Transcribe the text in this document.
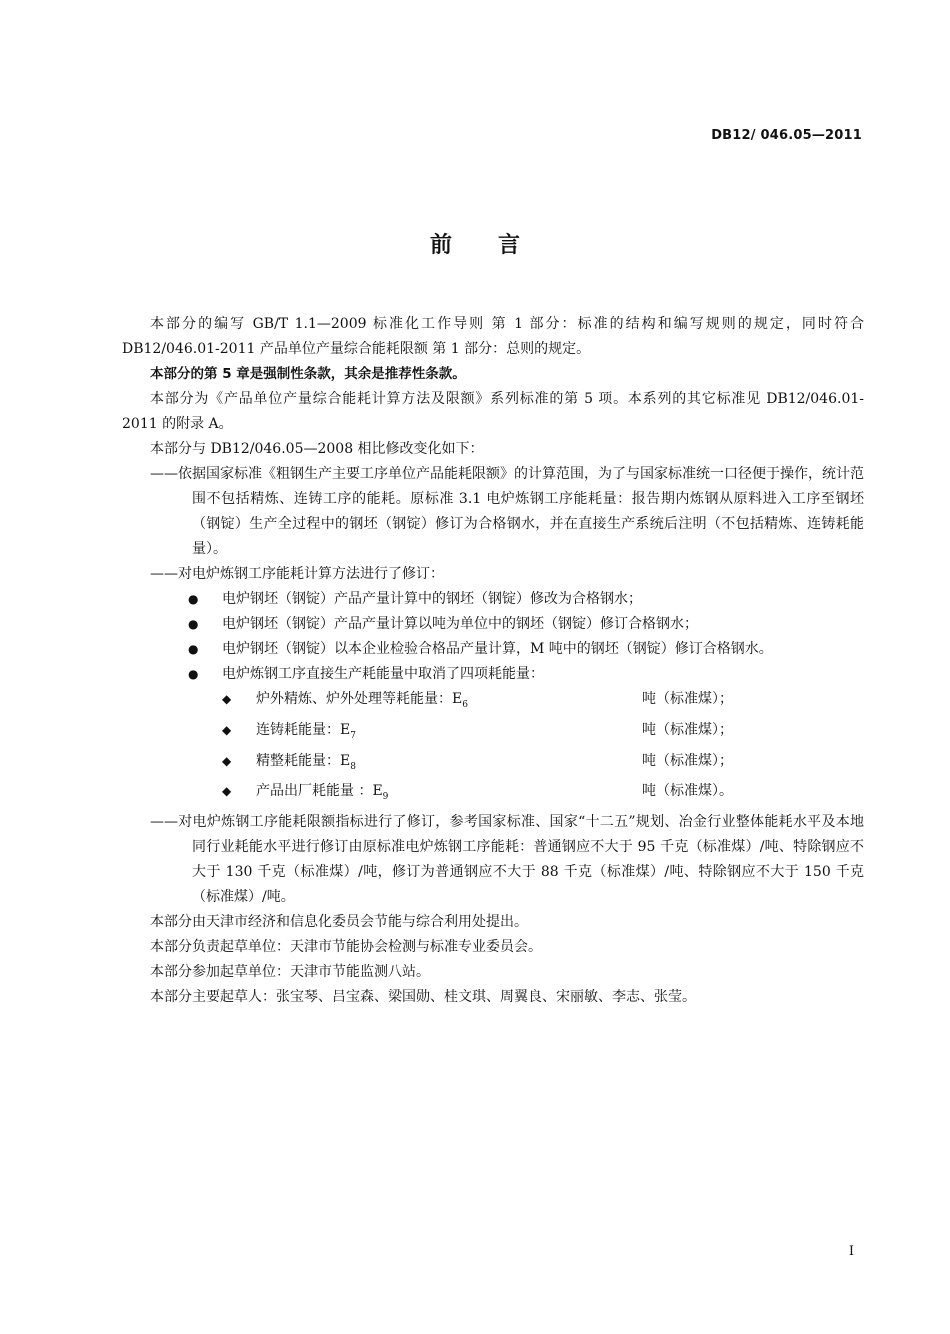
DB12/ 046.05—2011
前言

本部分的编写 GB/T 1.1—2009 标准化工作导则 第 1 部分：标准的结构和编写规则的规定，同时符合 DB12/046.01-2011 产品单位产量综合能耗限额 第 1 部分：总则的规定。

本部分的第 5 章是强制性条款，其余是推荐性条款。

本部分为《产品单位产量综合能耗计算方法及限额》系列标准的第 5 项。本系列的其它标准见 DB12/046.01-2011 的附录 A。

本部分与 DB12/046.05—2008 相比修改变化如下：

——依据国家标准《粗钢生产主要工序单位产品能耗限额》的计算范围，为了与国家标准统一口径便于操作，统计范围不包括精炼、连铸工序的能耗。原标准 3.1 电炉炼钢工序能耗量：报告期内炼钢从原料进入工序至钢坯（钢锭）生产全过程中的钢坯（钢锭）修订为合格钢水，并在直接生产系统后注明（不包括精炼、连铸耗能量）。

——对电炉炼钢工序能耗计算方法进行了修订：

●	电炉钢坯（钢锭）产品产量计算中的钢坯（钢锭）修改为合格钢水；
●	电炉钢坯（钢锭）产品产量计算以吨为单位中的钢坯（钢锭）修订合格钢水；
●	电炉钢坯（钢锭）以本企业检验合格品产量计算，M 吨中的钢坯（钢锭）修订合格钢水。
●	电炉炼钢工序直接生产耗能量中取消了四项耗能量：
◆	炉外精炼、炉外处理等耗能量：$E_6$	吨（标准煤）；
◆	连铸耗能量：$E_7$	吨（标准煤）；
◆	精整耗能量：$E_8$	吨（标准煤）；
◆	产品出厂耗能量 ：$E_9$	吨（标准煤）。

——对电炉炼钢工序能耗限额指标进行了修订，参考国家标准、国家“十二五”规划、冶金行业整体能耗水平及本地同行业耗能水平进行修订由原标准电炉炼钢工序能耗：普通钢应不大于 95 千克（标准煤）/吨、特除钢应不大于 130 千克（标准煤）/吨，修订为普通钢应不大于 88 千克（标准煤）/吨、特除钢应不大于 150 千克（标准煤）/吨。

本部分由天津市经济和信息化委员会节能与综合利用处提出。

本部分负责起草单位：天津市节能协会检测与标准专业委员会。

本部分参加起草单位：天津市节能监测八站。

本部分主要起草人：张宝琴、吕宝森、梁国勋、桂文琪、周翼良、宋丽敏、李志、张莹。

I
